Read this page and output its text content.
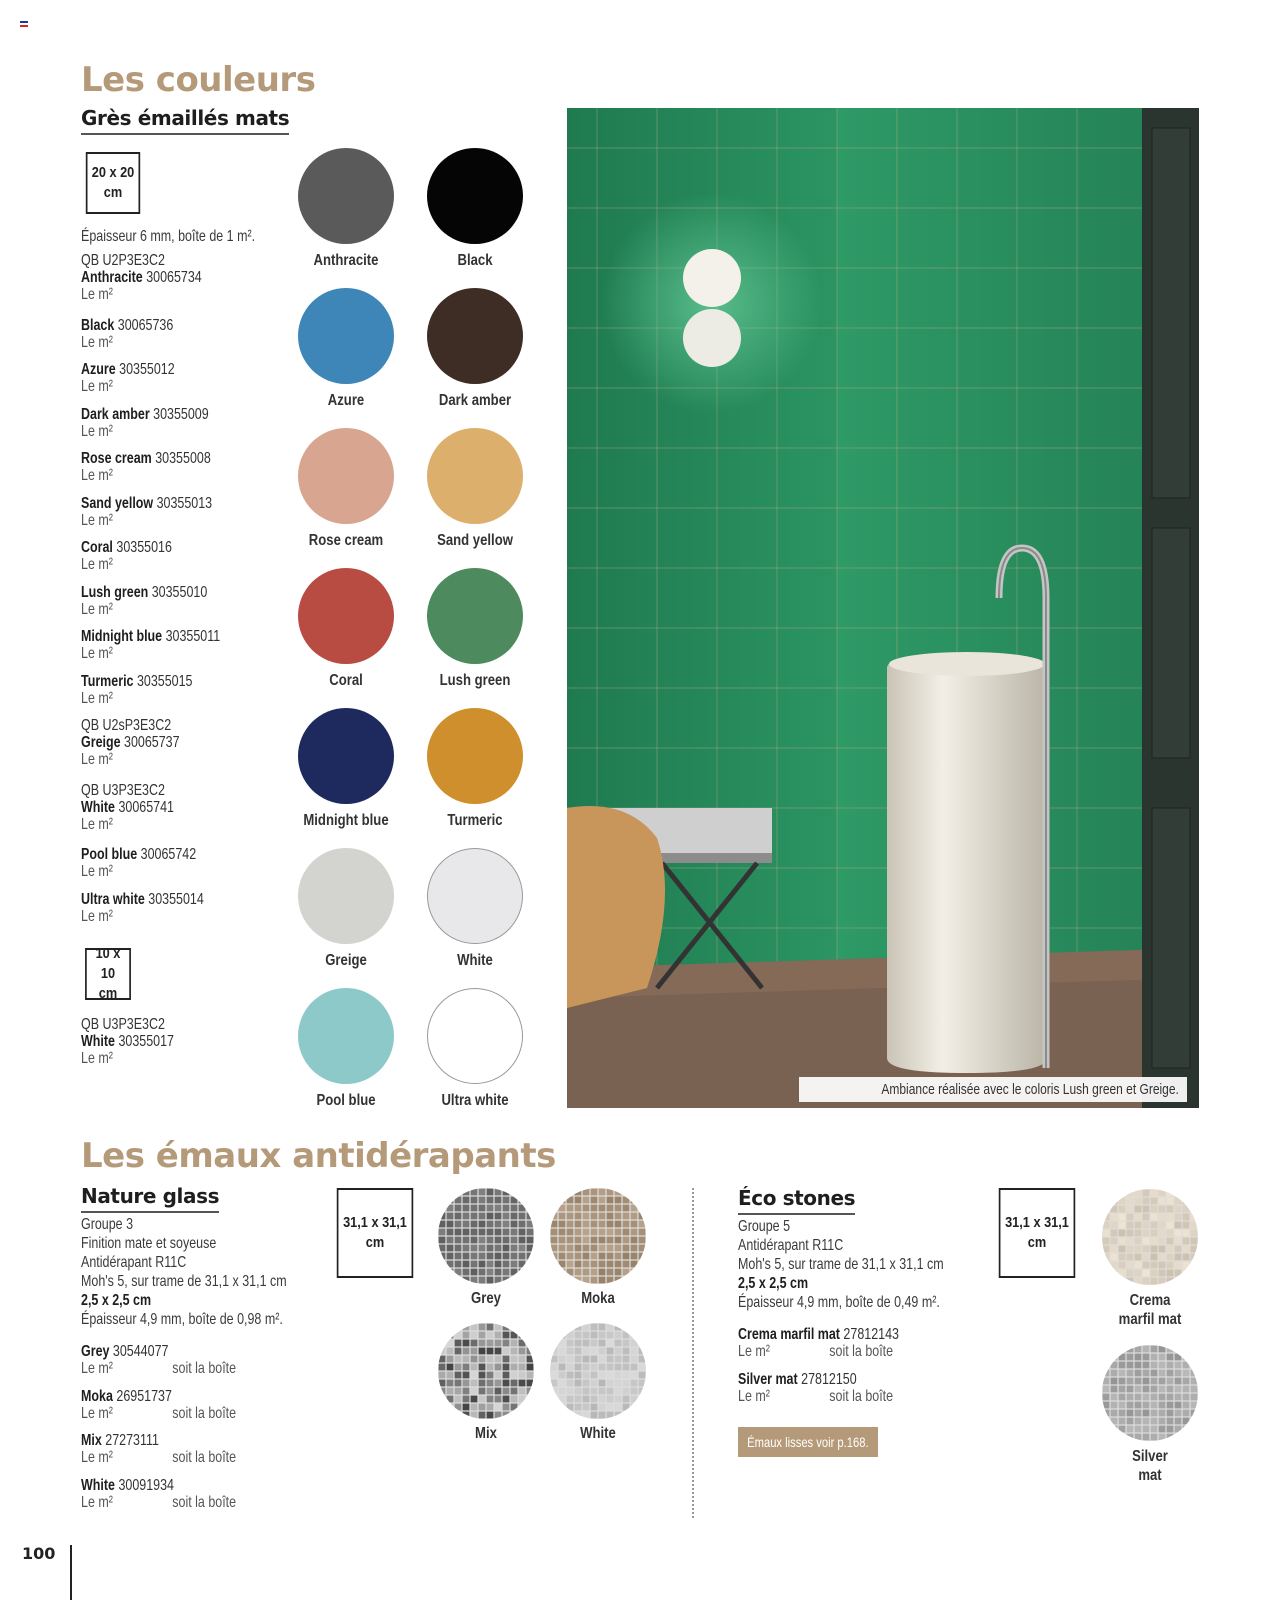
Les couleurs
Grès émaillés mats
20 x 20
cm
Épaisseur 6 mm, boîte de 1 m².
QB U2P3E3C2
Anthracite 30065734
Le m²
Black 30065736
Le m²
Azure 30355012
Le m²
Dark amber 30355009
Le m²
Rose cream 30355008
Le m²
Sand yellow 30355013
Le m²
Coral 30355016
Le m²
Lush green 30355010
Le m²
Midnight blue 30355011
Le m²
Turmeric 30355015
Le m²
QB U2sP3E3C2
Greige 30065737
Le m²
QB U3P3E3C2
White 30065741
Le m²
Pool blue 30065742
Le m²
Ultra white 30355014
Le m²
10 x 10
cm
QB U3P3E3C2
White 30355017
Le m²
Anthracite	Black
Azure	Dark amber
Rose cream	Sand yellow
Coral	Lush green
Midnight blue	Turmeric
Greige	White
Pool blue	Ultra white
Ambiance réalisée avec le coloris Lush green et Greige.
Les émaux antidérapants
Nature glass
Groupe 3
Finition mate et soyeuse
Antidérapant R11C
Moh's 5, sur trame de 31,1 x 31,1 cm
2,5 x 2,5 cm
Épaisseur 4,9 mm, boîte de 0,98 m².
Grey 30544077
Le m²	soit la boîte
Moka 26951737
Le m²	soit la boîte
Mix 27273111
Le m²	soit la boîte
White 30091934
Le m²	soit la boîte
31,1 x 31,1
cm
Grey	Moka
Mix	White
Éco stones
Groupe 5
Antidérapant R11C
Moh's 5, sur trame de 31,1 x 31,1 cm
2,5 x 2,5 cm
Épaisseur 4,9 mm, boîte de 0,49 m².
Crema marfil mat 27812143
Le m²	soit la boîte
Silver mat 27812150
Le m²	soit la boîte
Émaux lisses voir p.168.
31,1 x 31,1
cm
Crema
marfil mat
Silver
mat
100
